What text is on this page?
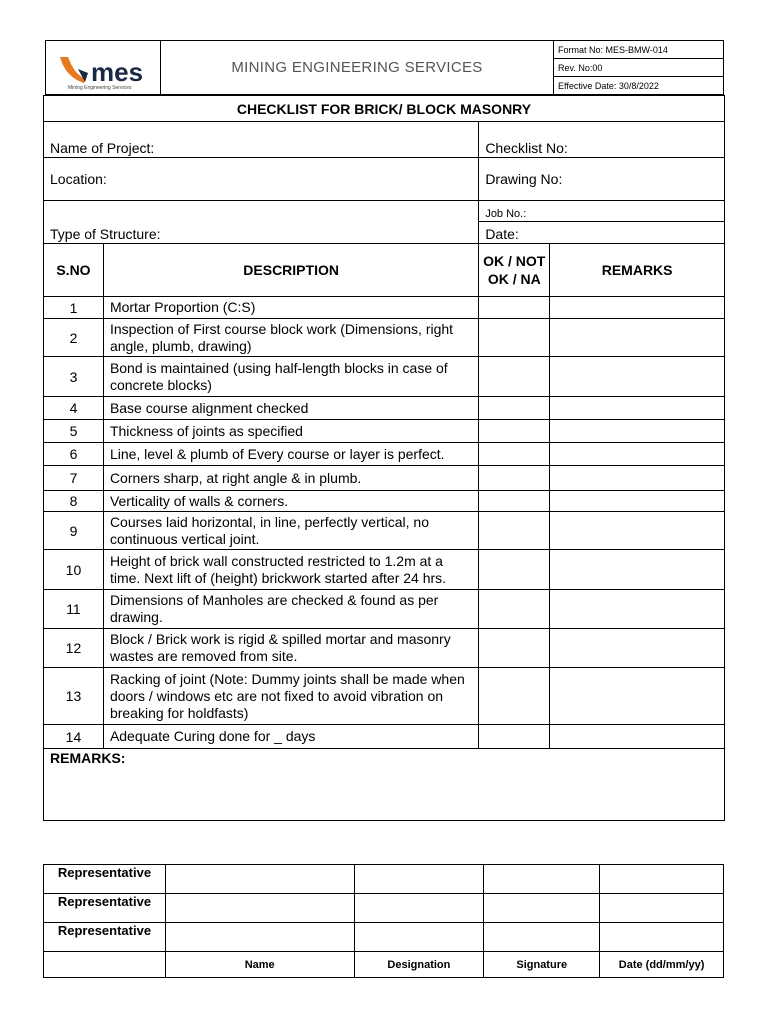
mes
Mining Engineering Services
	MINING ENGINEERING SERVICES	Format No: MES-BMW-014
Rev. No:00
Effective Date: 30/8/2022
CHECKLIST FOR BRICK/ BLOCK MASONRY			
Name of Project:		Checklist No:	
Location:		Drawing No:	
Type of Structure:		Job No.:	
		Date:	
S.NO	DESCRIPTION	OK / NOT OK / NA	REMARKS
1	Mortar Proportion (C:S)		
2	Inspection of First course block work (Dimensions, right angle, plumb, drawing)		
3	Bond is maintained (using half-length blocks in case of concrete blocks)		
4	Base course alignment checked		
5	Thickness of joints as specified		
6	Line, level & plumb of Every course or layer is perfect.		
7	Corners sharp, at right angle & in plumb.		
8	Verticality of walls & corners.		
9	Courses laid horizontal, in line, perfectly vertical, no continuous vertical joint.		
10	Height of brick wall constructed restricted to 1.2m at a time. Next lift of (height) brickwork started after 24 hrs.		
11	Dimensions of Manholes are checked & found as per drawing.		
12	Block / Brick work is rigid & spilled mortar and masonry wastes are removed from site.		
13	Racking of joint (Note: Dummy joints shall be made when doors / windows etc are not fixed to avoid vibration on breaking for holdfasts)		
14	Adequate Curing done for _ days		
REMARKS:			
Representative				

Representative				

Representative				

	Name	Designation	Signature	Date (dd/mm/yy)
